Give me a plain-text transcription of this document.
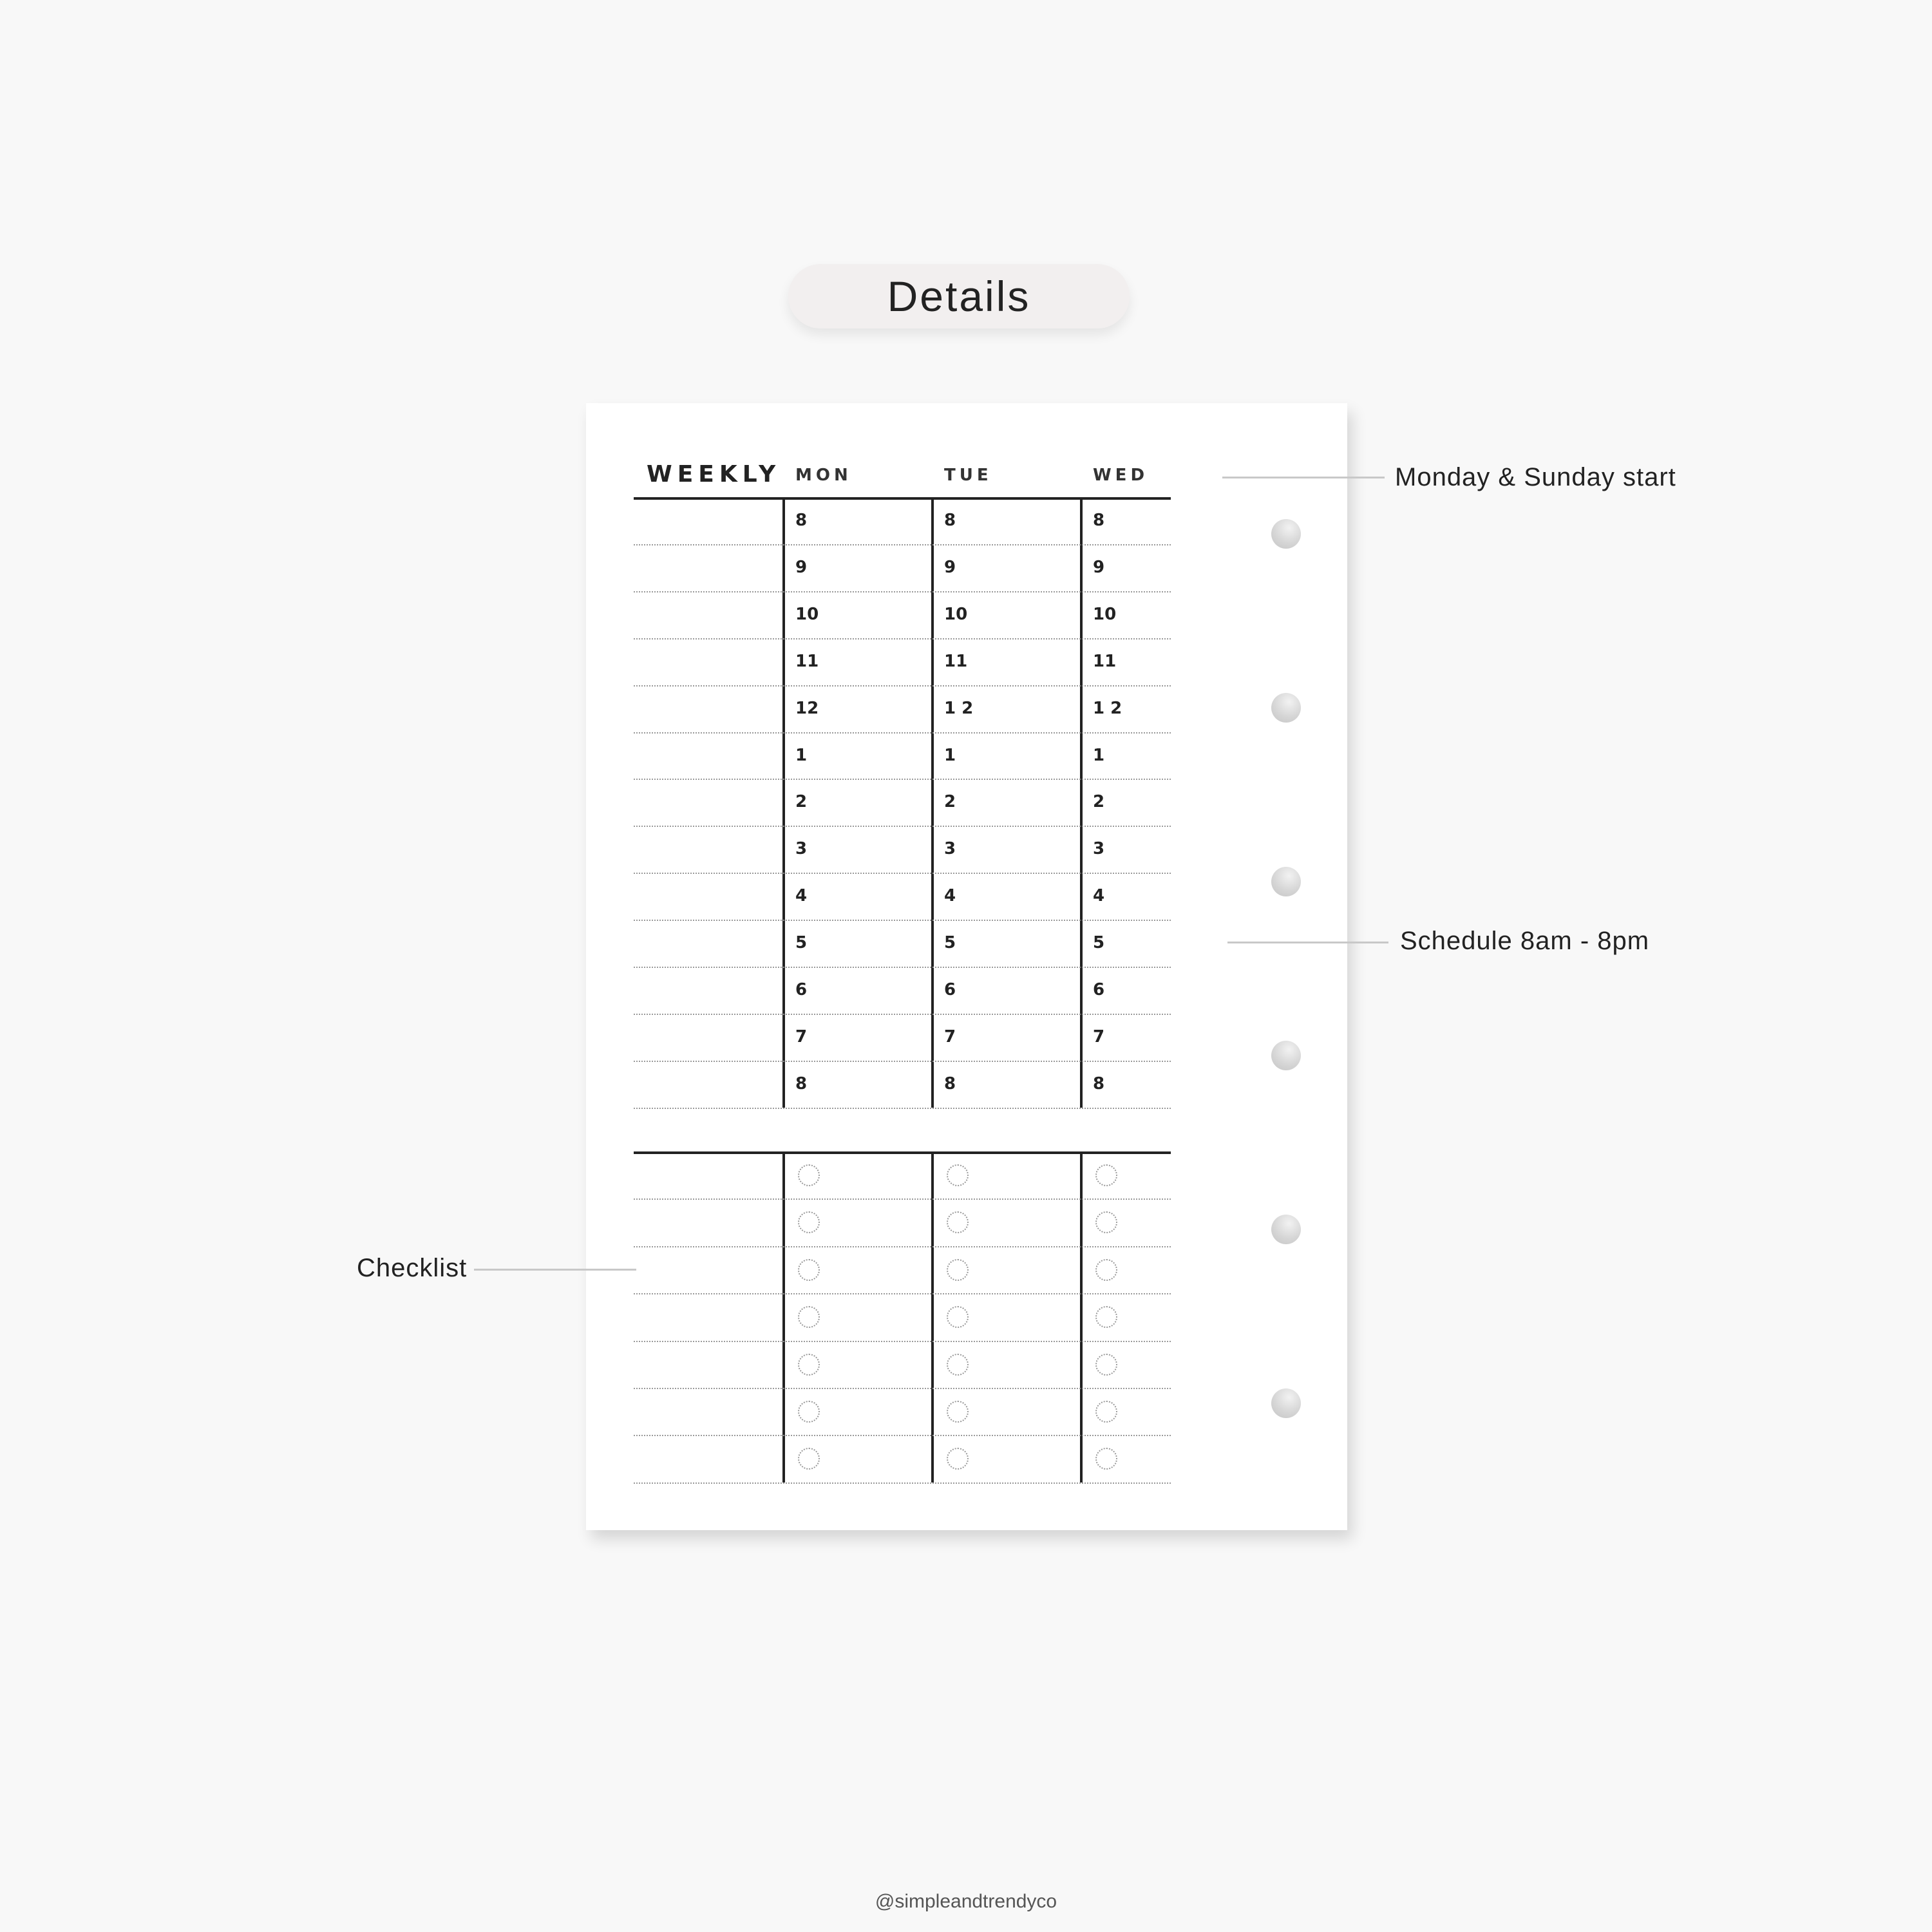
Details
WEEKLY MON	TUE	WED
8	8	8
9	9	9
10	10	10
11	11	11
12	1 2	1 2
1	1	1
2	2	2
3	3	3
4	4	4
5	5	5
6	6	6
7	7	7
8	8	8
Monday & Sunday start
Schedule 8am - 8pm
Checklist
@simpleandtrendyco
